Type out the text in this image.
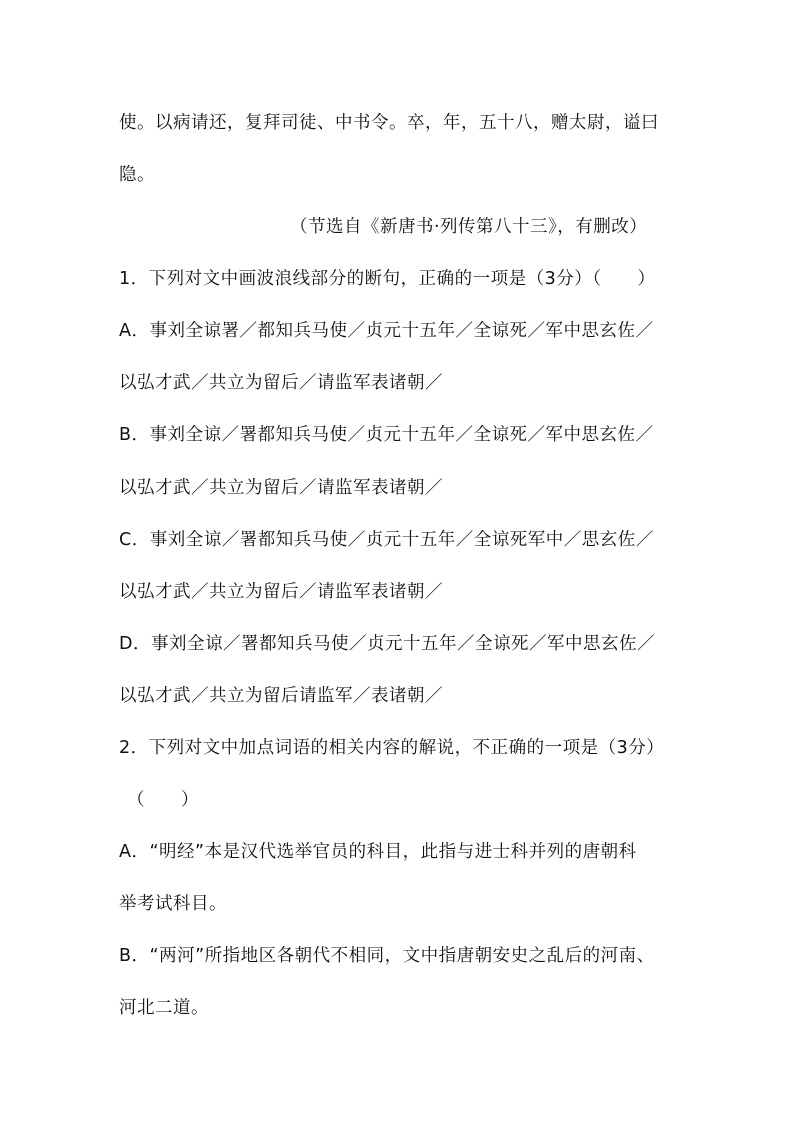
使。以病请还，复拜司徒、中书令。卒，年，五十八，赠太尉，谥曰
隐。
（节选自《新唐书·列传第八十三》，有删改）
1．下列对文中画波浪线部分的断句，正确的一项是（3分）（　　）
A．事刘全谅署／都知兵马使／贞元十五年／全谅死／军中思玄佐／
以弘才武／共立为留后／请监军表诸朝／
B．事刘全谅／署都知兵马使／贞元十五年／全谅死／军中思玄佐／
以弘才武／共立为留后／请监军表诸朝／
C．事刘全谅／署都知兵马使／贞元十五年／全谅死军中／思玄佐／
以弘才武／共立为留后／请监军表诸朝／
D．事刘全谅／署都知兵马使／贞元十五年／全谅死／军中思玄佐／
以弘才武／共立为留后请监军／表诸朝／
2．下列对文中加点词语的相关内容的解说，不正确的一项是（3分）
（　　）
A．“明经”本是汉代选举官员的科目，此指与进士科并列的唐朝科
举考试科目。
B．“两河”所指地区各朝代不相同，文中指唐朝安史之乱后的河南、
河北二道。
